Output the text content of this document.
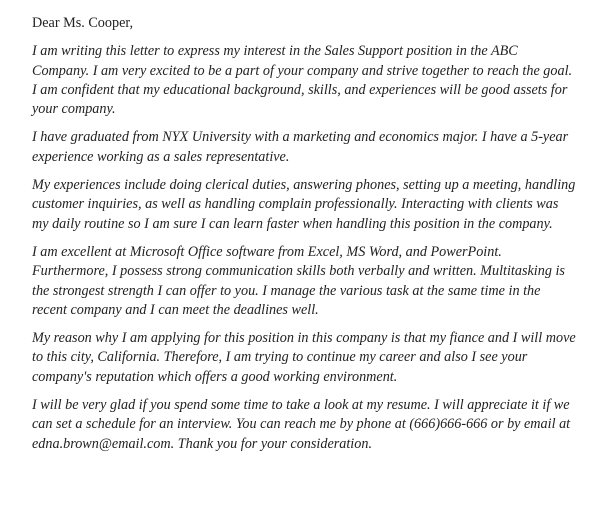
Dear Ms. Cooper,

I am writing this letter to express my interest in the Sales Support position in the ABC Company. I am very excited to be a part of your company and strive together to reach the goal. I am confident that my educational background, skills, and experiences will be good assets for your company.

I have graduated from NYX University with a marketing and economics major. I have a 5-year experience working as a sales representative.

My experiences include doing clerical duties, answering phones, setting up a meeting, handling customer inquiries, as well as handling complain professionally. Interacting with clients was my daily routine so I am sure I can learn faster when handling this position in the company.

I am excellent at Microsoft Office software from Excel, MS Word, and PowerPoint. Furthermore, I possess strong communication skills both verbally and written. Multitasking is the strongest strength I can offer to you. I manage the various task at the same time in the recent company and I can meet the deadlines well.

My reason why I am applying for this position in this company is that my fiance and I will move to this city, California. Therefore, I am trying to continue my career and also I see your company's reputation which offers a good working environment.

I will be very glad if you spend some time to take a look at my resume. I will appreciate it if we can set a schedule for an interview. You can reach me by phone at (666)666-666 or by email at edna.brown@email.com. Thank you for your consideration.
